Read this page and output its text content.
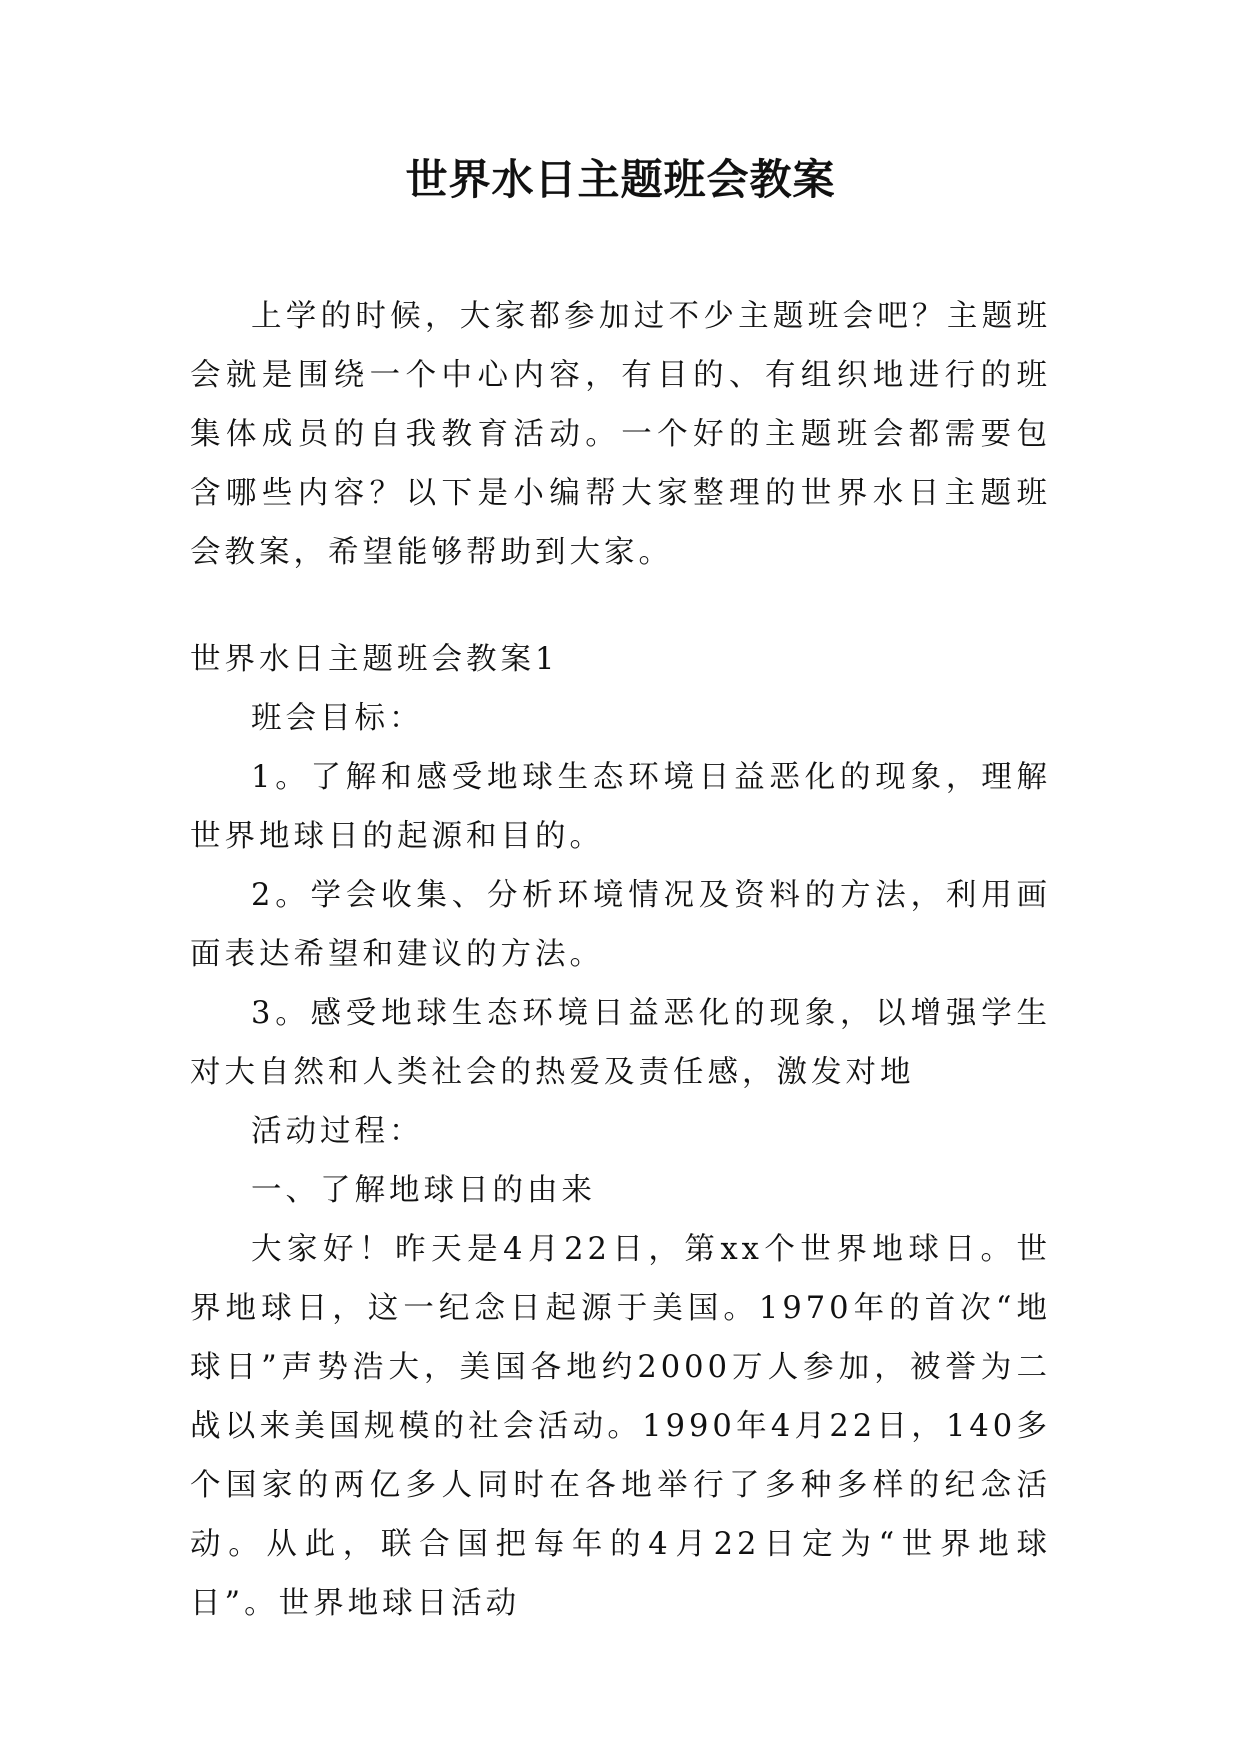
世界水日主题班会教案

上学的时候，大家都参加过不少主题班会吧？主题班会就是围绕一个中心内容，有目的、有组织地进行的班集体成员的自我教育活动。一个好的主题班会都需要包含哪些内容？以下是小编帮大家整理的世界水日主题班会教案，希望能够帮助到大家。

世界水日主题班会教案1

班会目标：

1。了解和感受地球生态环境日益恶化的现象，理解世界地球日的起源和目的。

2。学会收集、分析环境情况及资料的方法，利用画面表达希望和建议的方法。

3。感受地球生态环境日益恶化的现象，以增强学生对大自然和人类社会的热爱及责任感，激发对地

活动过程：

一、了解地球日的由来

大家好！昨天是4月22日，第xx个世界地球日。世界地球日，这一纪念日起源于美国。1970年的首次“地球日”声势浩大，美国各地约2000万人参加，被誉为二战以来美国规模的社会活动。1990年4月22日，140多个国家的两亿多人同时在各地举行了多种多样的纪念活动。从此，联合国把每年的4月22日定为“世界地球日”。世界地球日活动
